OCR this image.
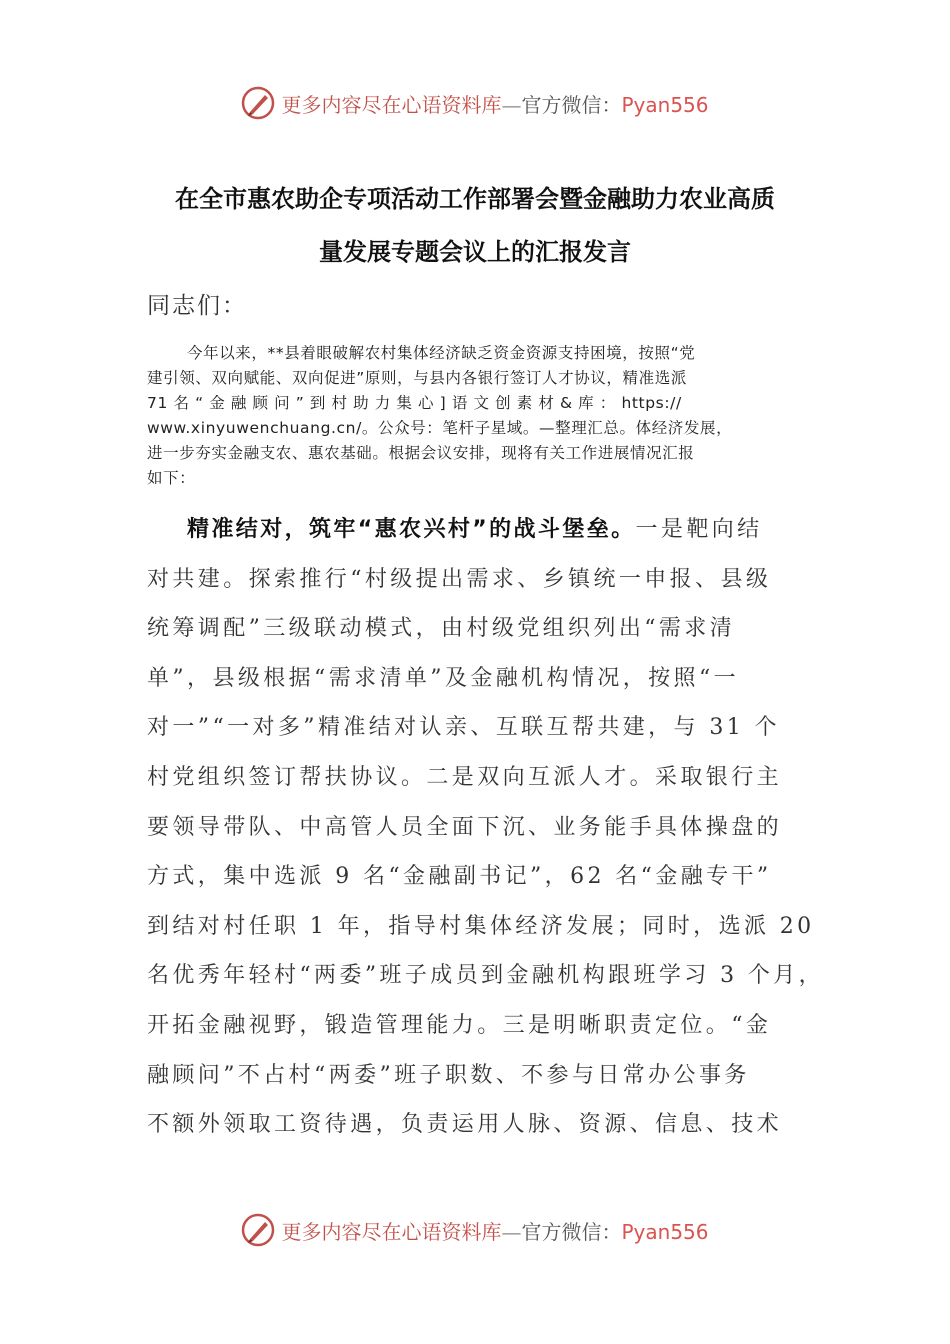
更多内容尽在心语资料库—官方微信：Pyan556
在全市惠农助企专项活动工作部署会暨金融助力农业高质
量发展专题会议上的汇报发言
同志们：
今年以来，**县着眼破解农村集体经济缺乏资金资源支持困境，按照“党
建引领、双向赋能、双向促进”原则，与县内各银行签订人才协议，精准选派
71 名 “ 金 融 顾 问 ” 到 村 助 力 集 心 ] 语 文 创 素 材 & 库 ： https://
www.xinyuwenchuang.cn/。公众号：笔杆子星域。—整理汇总。体经济发展，
进一步夯实金融支农、惠农基础。根据会议安排，现将有关工作进展情况汇报
如下：
精准结对，筑牢“惠农兴村”的战斗堡垒。一是靶向结
对共建。探索推行“村级提出需求、乡镇统一申报、县级
统筹调配”三级联动模式，由村级党组织列出“需求清
单”，县级根据“需求清单”及金融机构情况，按照“一
对一”“一对多”精准结对认亲、互联互帮共建，与 31 个
村党组织签订帮扶协议。二是双向互派人才。采取银行主
要领导带队、中高管人员全面下沉、业务能手具体操盘的
方式，集中选派 9 名“金融副书记”，62 名“金融专干”
到结对村任职 1 年，指导村集体经济发展；同时，选派 20
名优秀年轻村“两委”班子成员到金融机构跟班学习 3 个月，
开拓金融视野，锻造管理能力。三是明晰职责定位。“金
融顾问”不占村“两委”班子职数、不参与日常办公事务
不额外领取工资待遇，负责运用人脉、资源、信息、技术
更多内容尽在心语资料库—官方微信：Pyan556
